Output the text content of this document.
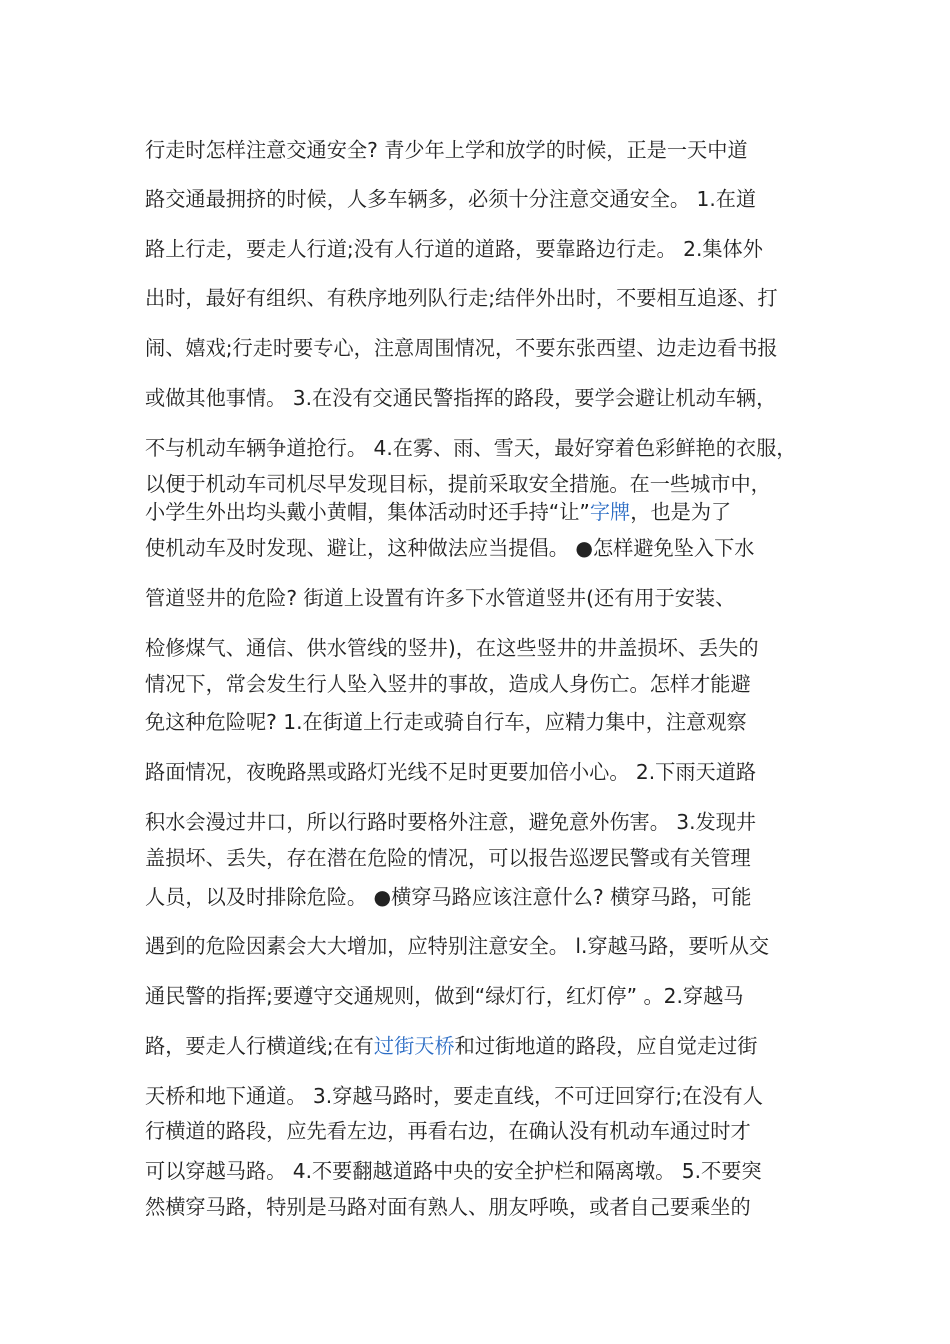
行走时怎样注意交通安全? 青少年上学和放学的时候，正是一天中道
路交通最拥挤的时候，人多车辆多，必须十分注意交通安全。 1.在道
路上行走，要走人行道;没有人行道的道路，要靠路边行走。 2.集体外
出时，最好有组织、有秩序地列队行走;结伴外出时，不要相互追逐、打
闹、嬉戏;行走时要专心，注意周围情况，不要东张西望、边走边看书报
或做其他事情。 3.在没有交通民警指挥的路段，要学会避让机动车辆，
不与机动车辆争道抢行。 4.在雾、雨、雪天，最好穿着色彩鲜艳的衣服，
以便于机动车司机尽早发现目标，提前采取安全措施。在一些城市中，
小学生外出均头戴小黄帽，集体活动时还手持“让”字牌，也是为了
使机动车及时发现、避让，这种做法应当提倡。 ●怎样避免坠入下水
管道竖井的危险? 街道上设置有许多下水管道竖井(还有用于安装、
检修煤气、通信、供水管线的竖井)，在这些竖井的井盖损坏、丢失的
情况下，常会发生行人坠入竖井的事故，造成人身伤亡。怎样才能避
免这种危险呢? 1.在街道上行走或骑自行车，应精力集中，注意观察
路面情况，夜晚路黑或路灯光线不足时更要加倍小心。 2.下雨天道路
积水会漫过井口，所以行路时要格外注意，避免意外伤害。 3.发现井
盖损坏、丢失，存在潜在危险的情况，可以报告巡逻民警或有关管理
人员，以及时排除危险。 ●横穿马路应该注意什么? 横穿马路，可能
遇到的危险因素会大大增加，应特别注意安全。 l.穿越马路，要听从交
通民警的指挥;要遵守交通规则，做到“绿灯行，红灯停” 。2.穿越马
路，要走人行横道线;在有过街天桥和过街地道的路段，应自觉走过街
天桥和地下通道。 3.穿越马路时，要走直线，不可迂回穿行;在没有人
行横道的路段，应先看左边，再看右边，在确认没有机动车通过时才
可以穿越马路。 4.不要翻越道路中央的安全护栏和隔离墩。 5.不要突
然横穿马路，特别是马路对面有熟人、朋友呼唤，或者自己要乘坐的
